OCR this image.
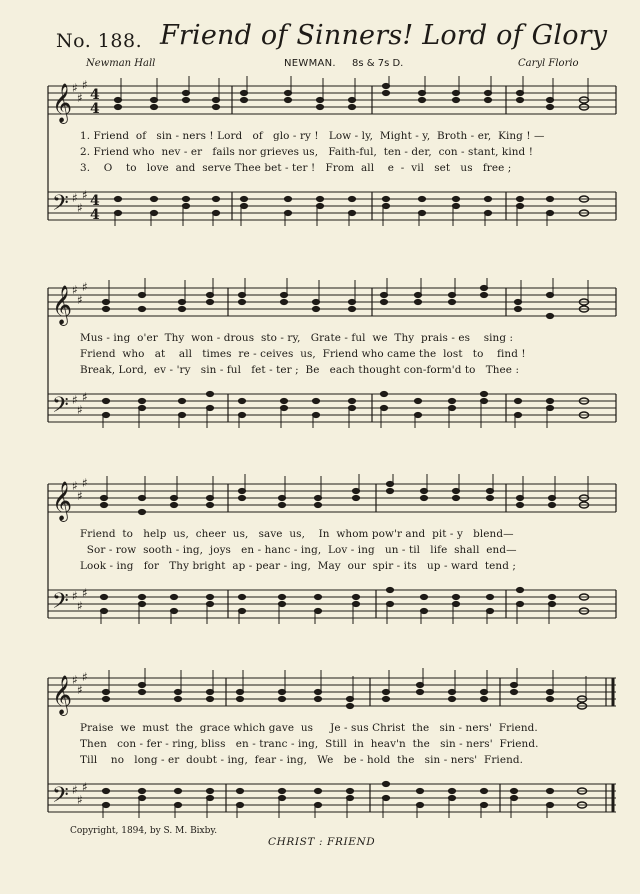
No. 188. Friend of Sinners! Lord of Glory
Newman Hall	NEWMAN. 8s & 7s D.	Caryl Florio
𝄞
𝄢
♯
♯
♯
♯
♯
♯
4
4
4
4
1. Friend  of   sin - ners ! Lord   of   glo - ry !   Low - ly,  Might - y,  Broth - er,  King ! —
2. Friend who  nev - er   fails nor grieves us,   Faith-ful,  ten - der,  con - stant, kind !
3.    O    to   love  and  serve Thee bet - ter !   From  all    e  -  vil   set   us   free ;
𝄞
𝄢
♯
♯
♯
♯
♯
♯
Mus - ing  o'er  Thy  won - drous  sto - ry,   Grate - ful  we  Thy  prais - es    sing :
Friend  who   at    all   times  re - ceives  us,  Friend who came the  lost   to    find !
Break, Lord,  ev - 'ry   sin - ful   fet - ter ;  Be   each thought con-form'd to   Thee :
𝄞
𝄢
♯
♯
♯
♯
♯
♯
Friend  to   help  us,  cheer  us,   save  us,    In  whom pow'r and  pit - y   blend—
Sor - row  sooth - ing,  joys   en - hanc - ing,  Lov - ing   un - til   life  shall  end—
Look - ing   for   Thy bright  ap - pear - ing,  May  our  spir - its   up - ward  tend ;
𝄞
𝄢
♯
♯
♯
♯
♯
♯
Praise  we  must  the  grace which gave  us     Je - sus Christ  the   sin - ners'  Friend.
Then   con - fer - ring, bliss   en - tranc - ing,  Still  in  heav'n  the   sin - ners'  Friend.
Till    no   long - er  doubt - ing,  fear - ing,   We   be - hold  the   sin - ners'  Friend.
Copyright, 1894, by S. M. Bixby.
CHRIST : FRIEND
